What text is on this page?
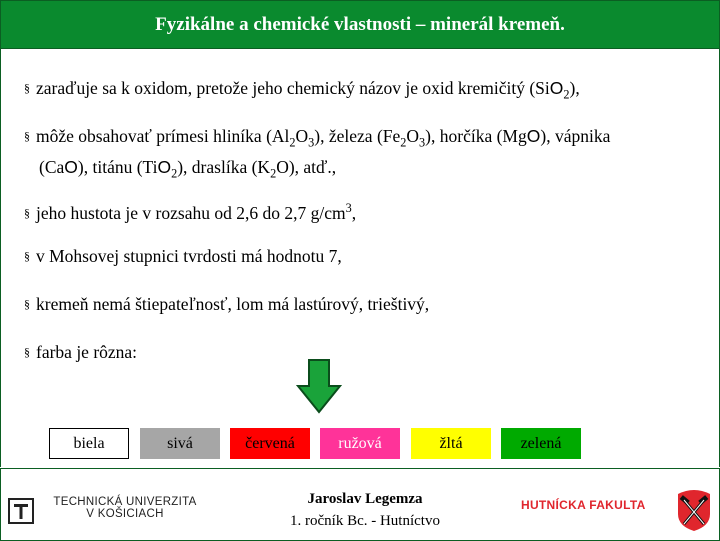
Fyzikálne a chemické vlastnosti – minerál kremeň.
§ zaraďuje sa k oxidom, pretože jeho chemický názov je oxid kremičitý (SiO$_2$),
§ môže obsahovať prímesi hliníka $(Al_2O_3)$, železa $(Fe_2O_3)$, horčíka (MgO), vápnika
(CaO), titánu (TiO$_2$), draslíka $(K_2O)$, atď.,
§ jeho hustota je v rozsahu od 2,6 do 2,7 $g/cm^3$,
§ v Mohsovej stupnici tvrdosti má hodnotu 7,
§ kremeň nemá štiepateľnosť, lom má lastúrový, trieštivý,
§ farba je rôzna:
biela	sivá	červená	ružová	žltá	zelená
TECHNICKÁ UNIVERZITA
V KOŠICIACH
Jaroslav Legemza
1. ročník Bc. - Hutníctvo
HUTNÍCKA FAKULTA
